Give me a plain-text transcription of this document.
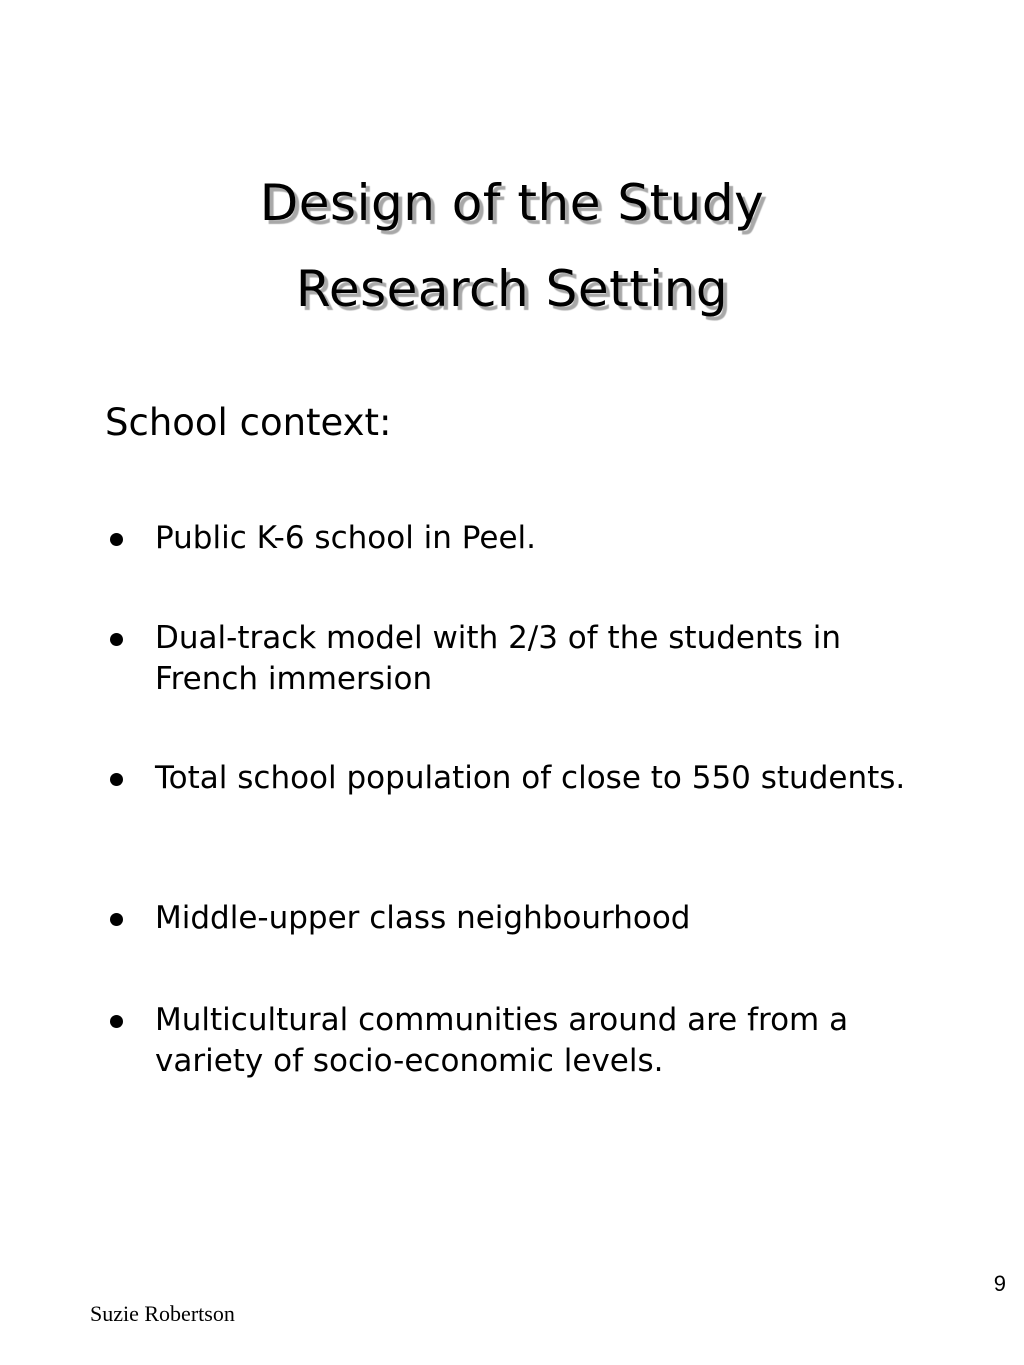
Design of the Study
Research Setting
School context:
Public K-6 school in Peel.
Dual-track model with 2/3 of the students in French immersion
Total school population of close to 550 students.
Middle-upper class neighbourhood
Multicultural communities around are from a variety of socio-economic levels.
9
Suzie Robertson
